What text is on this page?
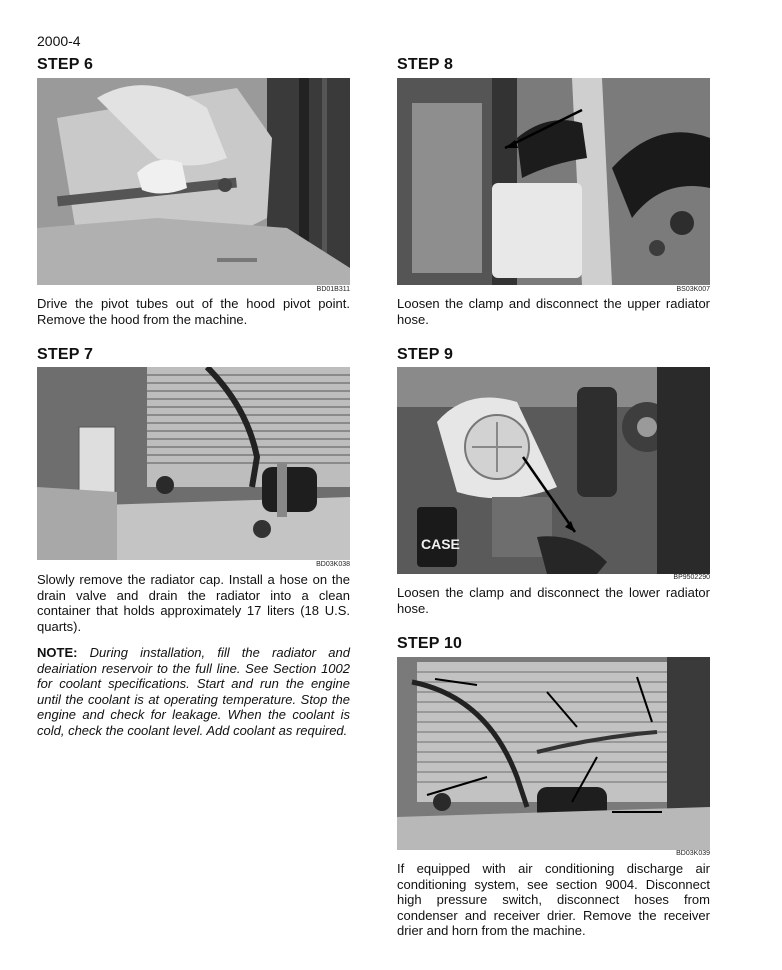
2000-4
STEP 6
BD01B311
Drive the pivot tubes out of the hood pivot point. Remove the hood from the machine.
STEP 7
BD03K038
Slowly remove the radiator cap. Install a hose on the drain valve and drain the radiator into a clean container that holds approximately 17 liters (18 U.S. quarts).
NOTE: During installation, fill the radiator and deairiation reservoir to the full line. See Section 1002 for coolant specifications. Start and run the engine until the coolant is at operating temperature. Stop the engine and check for leakage. When the coolant is cold, check the coolant level. Add coolant as required.
STEP 8
BS03K007
Loosen the clamp and disconnect the upper radiator hose.
STEP 9
CASE
BP9502290
Loosen the clamp and disconnect the lower radiator hose.
STEP 10
BD03K039
If equipped with air conditioning discharge air conditioning system, see section 9004. Disconnect high pressure switch, disconnect hoses from condenser and receiver drier. Remove the receiver drier and horn from the machine.
